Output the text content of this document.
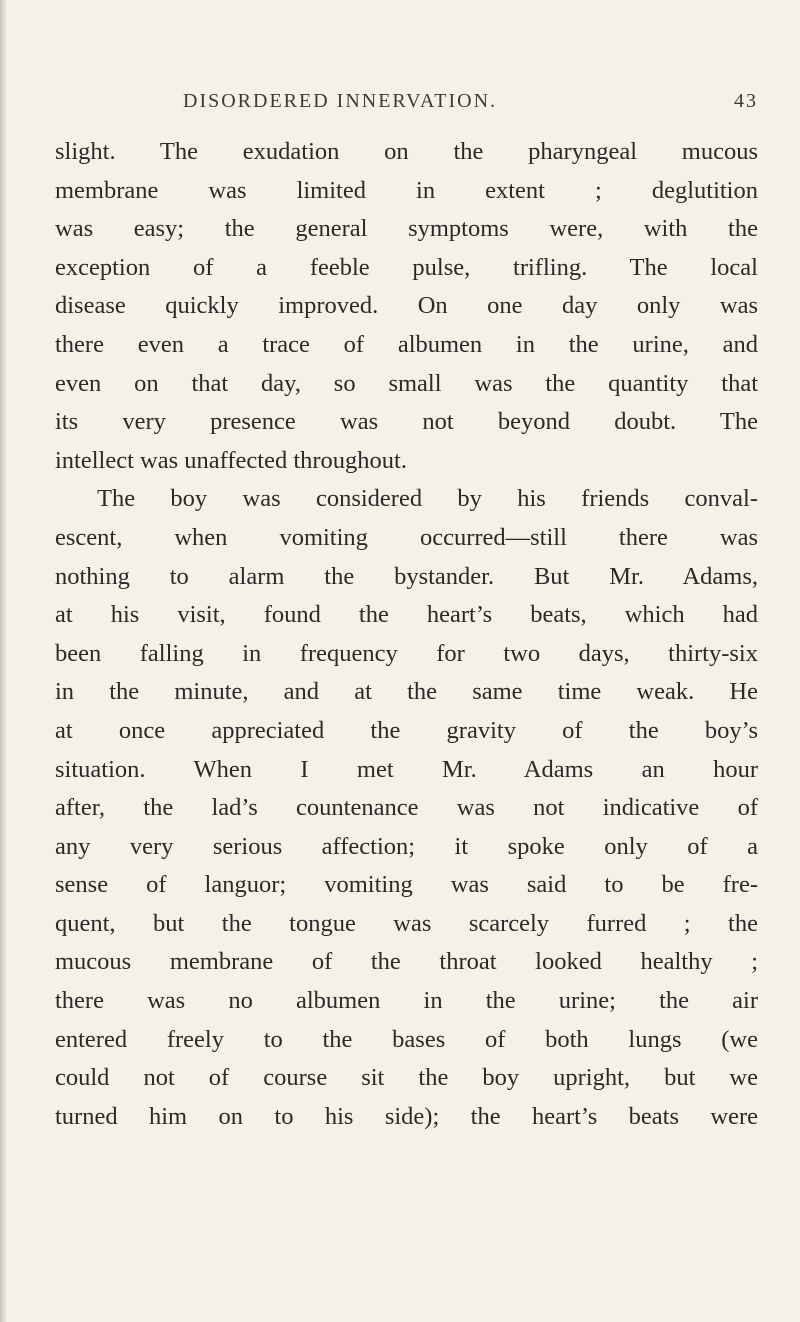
DISORDERED INNERVATION.	43
slight. The exudation on the pharyngeal mucous
membrane was limited in extent ; deglutition
was easy; the general symptoms were, with the
exception of a feeble pulse, trifling. The local
disease quickly improved. On one day only was
there even a trace of albumen in the urine, and
even on that day, so small was the quantity that
its very presence was not beyond doubt. The
intellect was unaffected throughout.
The boy was considered by his friends conval-
escent, when vomiting occurred—still there was
nothing to alarm the bystander. But Mr. Adams,
at his visit, found the heart’s beats, which had
been falling in frequency for two days, thirty-six
in the minute, and at the same time weak. He
at once appreciated the gravity of the boy’s
situation. When I met Mr. Adams an hour
after, the lad’s countenance was not indicative of
any very serious affection; it spoke only of a
sense of languor; vomiting was said to be fre-
quent, but the tongue was scarcely furred ; the
mucous membrane of the throat looked healthy ;
there was no albumen in the urine; the air
entered freely to the bases of both lungs (we
could not of course sit the boy upright, but we
turned him on to his side); the heart’s beats were
